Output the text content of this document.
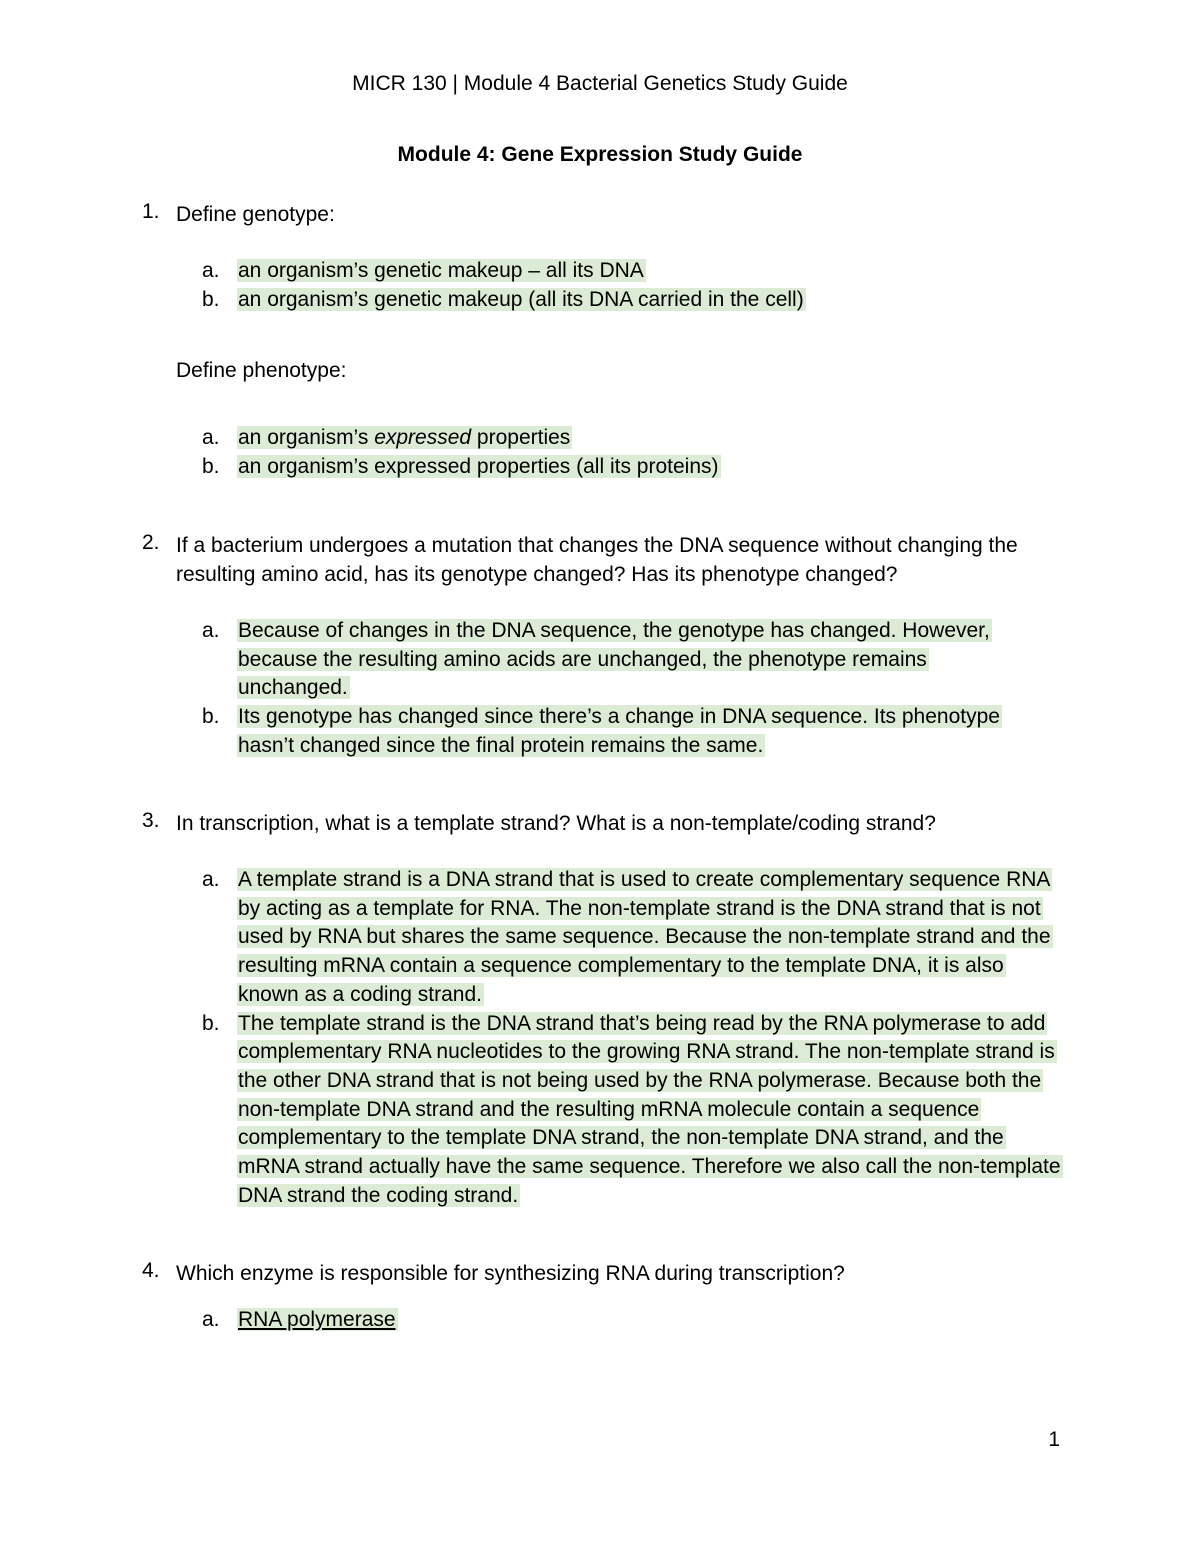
MICR 130 | Module 4 Bacterial Genetics Study Guide
Module 4: Gene Expression Study Guide
1. Define genotype:
a. an organism’s genetic makeup – all its DNA
b. an organism’s genetic makeup (all its DNA carried in the cell)
Define phenotype:
a. an organism’s expressed properties
b. an organism’s expressed properties (all its proteins)
2. If a bacterium undergoes a mutation that changes the DNA sequence without changing the resulting amino acid, has its genotype changed? Has its phenotype changed?
a. Because of changes in the DNA sequence, the genotype has changed. However, because the resulting amino acids are unchanged, the phenotype remains unchanged.
b. Its genotype has changed since there’s a change in DNA sequence. Its phenotype hasn’t changed since the final protein remains the same.
3. In transcription, what is a template strand? What is a non-template/coding strand?
a. A template strand is a DNA strand that is used to create complementary sequence RNA by acting as a template for RNA. The non-template strand is the DNA strand that is not used by RNA but shares the same sequence. Because the non-template strand and the resulting mRNA contain a sequence complementary to the template DNA, it is also known as a coding strand.
b. The template strand is the DNA strand that’s being read by the RNA polymerase to add complementary RNA nucleotides to the growing RNA strand. The non-template strand is the other DNA strand that is not being used by the RNA polymerase. Because both the non-template DNA strand and the resulting mRNA molecule contain a sequence complementary to the template DNA strand, the non-template DNA strand, and the mRNA strand actually have the same sequence. Therefore we also call the non-template DNA strand the coding strand.
4. Which enzyme is responsible for synthesizing RNA during transcription?
a. RNA polymerase
1
